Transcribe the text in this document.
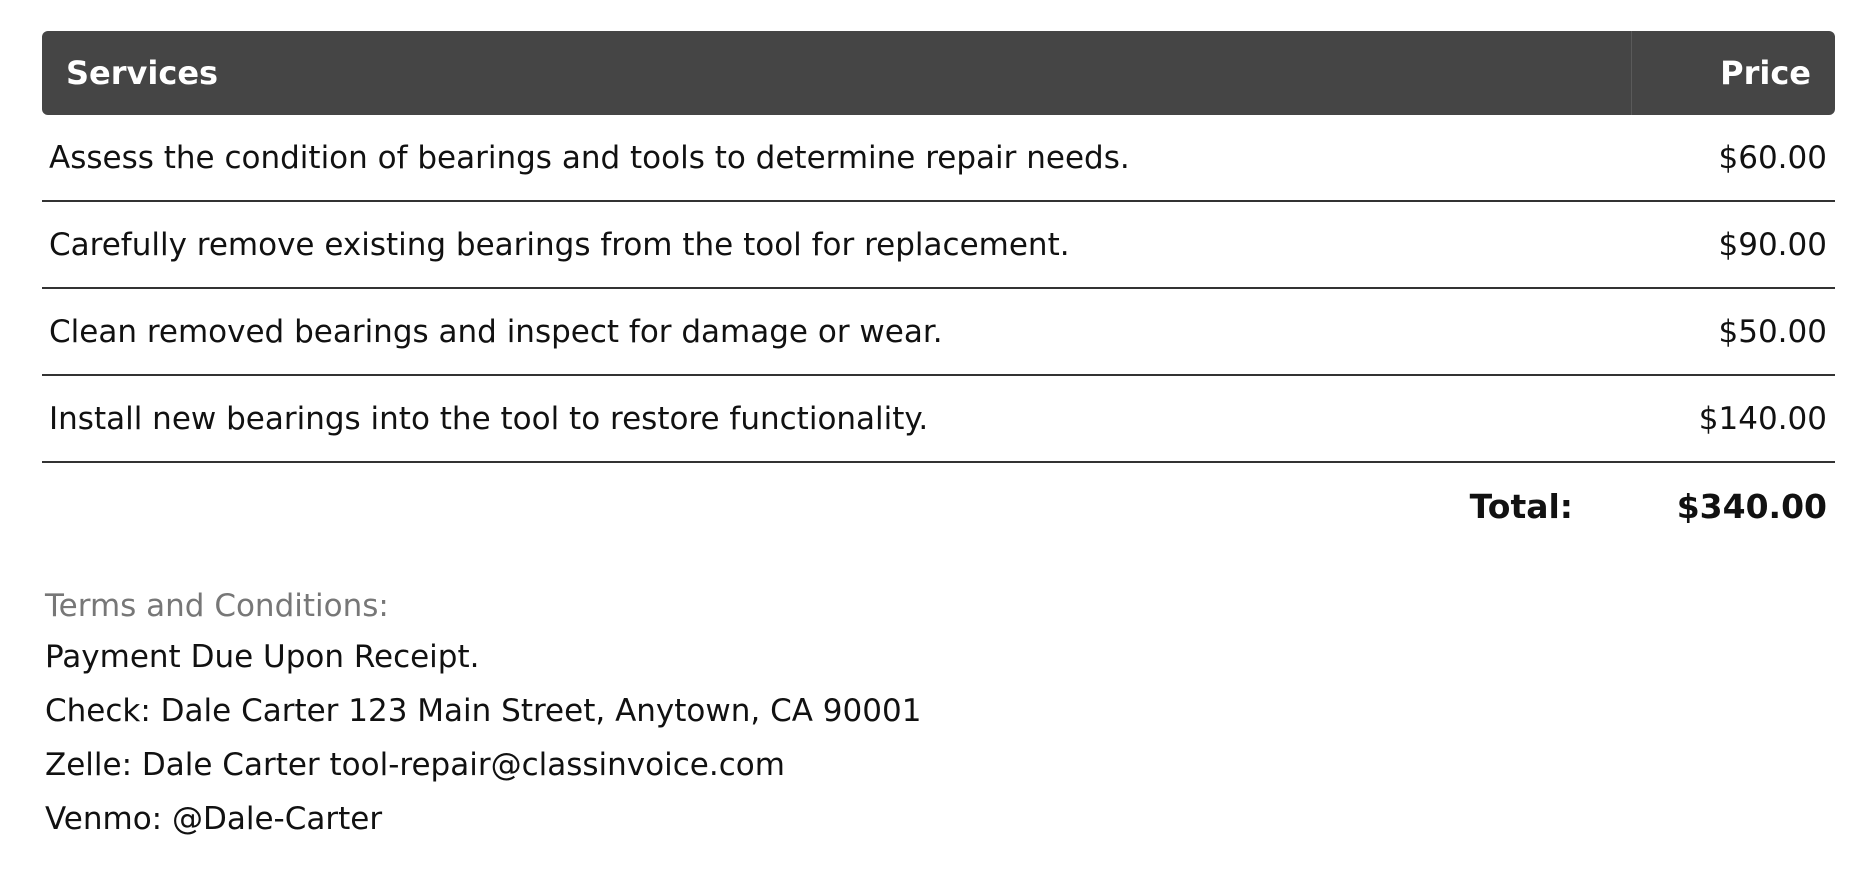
Services	Price
Assess the condition of bearings and tools to determine repair needs.	$60.00
Carefully remove existing bearings from the tool for replacement.	$90.00
Clean removed bearings and inspect for damage or wear.	$50.00
Install new bearings into the tool to restore functionality.	$140.00
Total:	$340.00
Terms and Conditions:
Payment Due Upon Receipt.
Check: Dale Carter 123 Main Street, Anytown, CA 90001
Zelle: Dale Carter tool-repair@classinvoice.com
Venmo: @Dale-Carter
